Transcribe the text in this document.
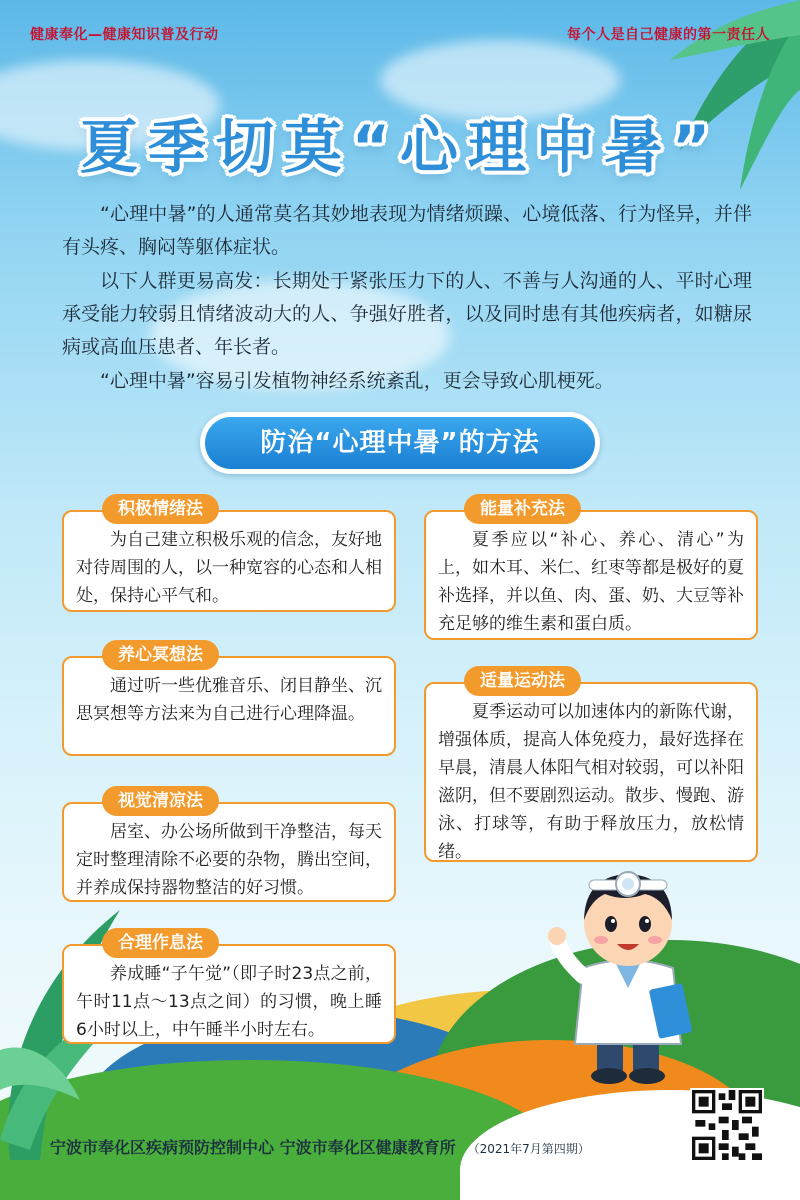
健康奉化—健康知识普及行动	每个人是自己健康的第一责任人
夏季切莫“心理中暑”

“心理中暑”的人通常莫名其妙地表现为情绪烦躁、心境低落、行为怪异，并伴有头疼、胸闷等躯体症状。

以下人群更易高发：长期处于紧张压力下的人、不善与人沟通的人、平时心理承受能力较弱且情绪波动大的人、争强好胜者，以及同时患有其他疾病者，如糖尿病或高血压患者、年长者。

“心理中暑”容易引发植物神经系统紊乱，更会导致心肌梗死。

防治“心理中暑”的方法
积极情绪法
为自己建立积极乐观的信念，友好地对待周围的人，以一种宽容的心态和人相处，保持心平气和。
能量补充法
夏季应以“补心、养心、清心”为上，如木耳、米仁、红枣等都是极好的夏补选择，并以鱼、肉、蛋、奶、大豆等补充足够的维生素和蛋白质。
养心冥想法
通过听一些优雅音乐、闭目静坐、沉思冥想等方法来为自己进行心理降温。
适量运动法
夏季运动可以加速体内的新陈代谢，增强体质，提高人体免疫力，最好选择在早晨，清晨人体阳气相对较弱，可以补阳滋阴，但不要剧烈运动。散步、慢跑、游泳、打球等，有助于释放压力，放松情绪。
视觉清凉法
居室、办公场所做到干净整洁，每天定时整理清除不必要的杂物，腾出空间，并养成保持器物整洁的好习惯。
合理作息法
养成睡“子午觉”（即子时23点之前，午时11点～13点之间）的习惯，晚上睡6小时以上，中午睡半小时左右。
宁波市奉化区疾病预防控制中心 宁波市奉化区健康教育所 （2021年7月第四期）
